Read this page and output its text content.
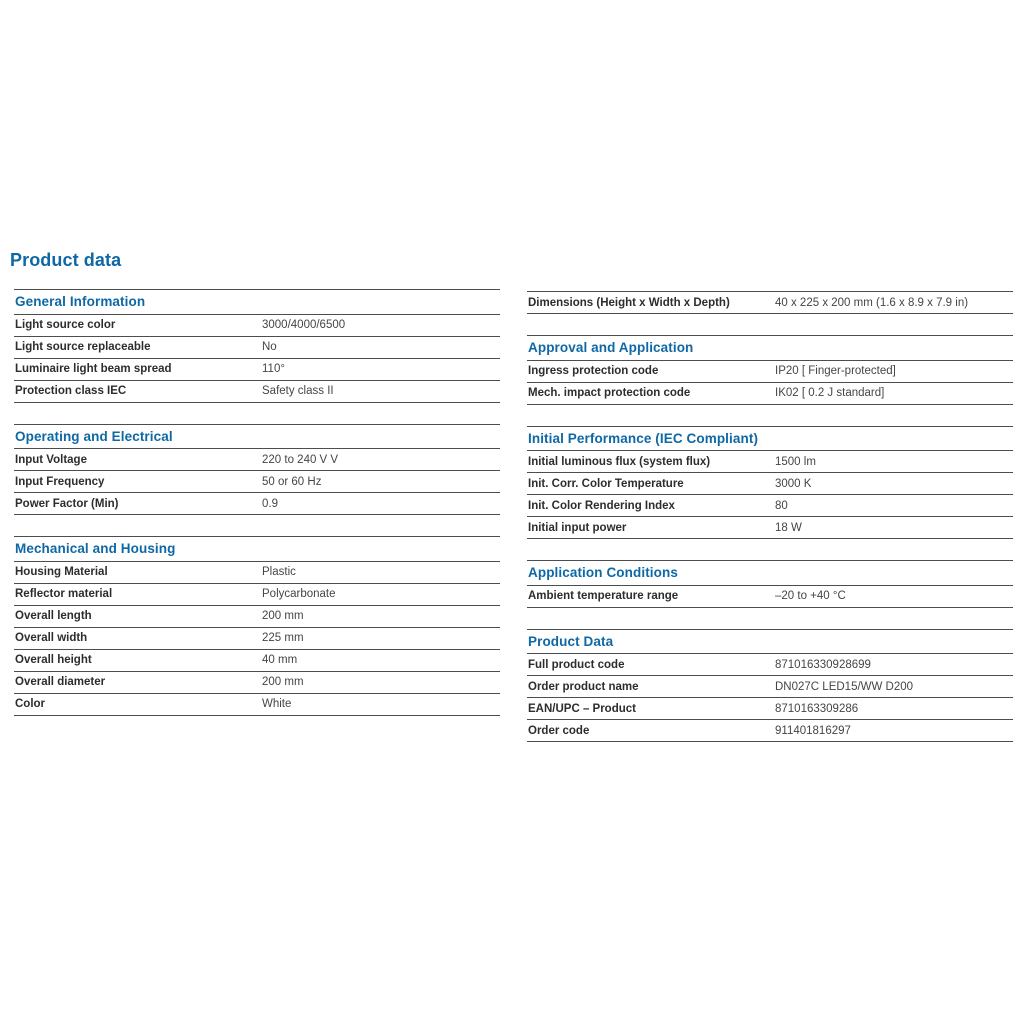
Product data
General Information
Light source color	3000/4000/6500
Light source replaceable	No
Luminaire light beam spread	110°
Protection class IEC	Safety class II
Operating and Electrical
Input Voltage	220 to 240 V V
Input Frequency	50 or 60 Hz
Power Factor (Min)	0.9
Mechanical and Housing
Housing Material	Plastic
Reflector material	Polycarbonate
Overall length	200 mm
Overall width	225 mm
Overall height	40 mm
Overall diameter	200 mm
Color	White
Dimensions (Height x Width x Depth)	40 x 225 x 200 mm (1.6 x 8.9 x 7.9 in)
Approval and Application
Ingress protection code	IP20 [ Finger-protected]
Mech. impact protection code	IK02 [ 0.2 J standard]
Initial Performance (IEC Compliant)
Initial luminous flux (system flux)	1500 lm
Init. Corr. Color Temperature	3000 K
Init. Color Rendering Index	80
Initial input power	18 W
Application Conditions
Ambient temperature range	–20 to +40 °C
Product Data
Full product code	871016330928699
Order product name	DN027C LED15/WW D200
EAN/UPC – Product	8710163309286
Order code	911401816297
